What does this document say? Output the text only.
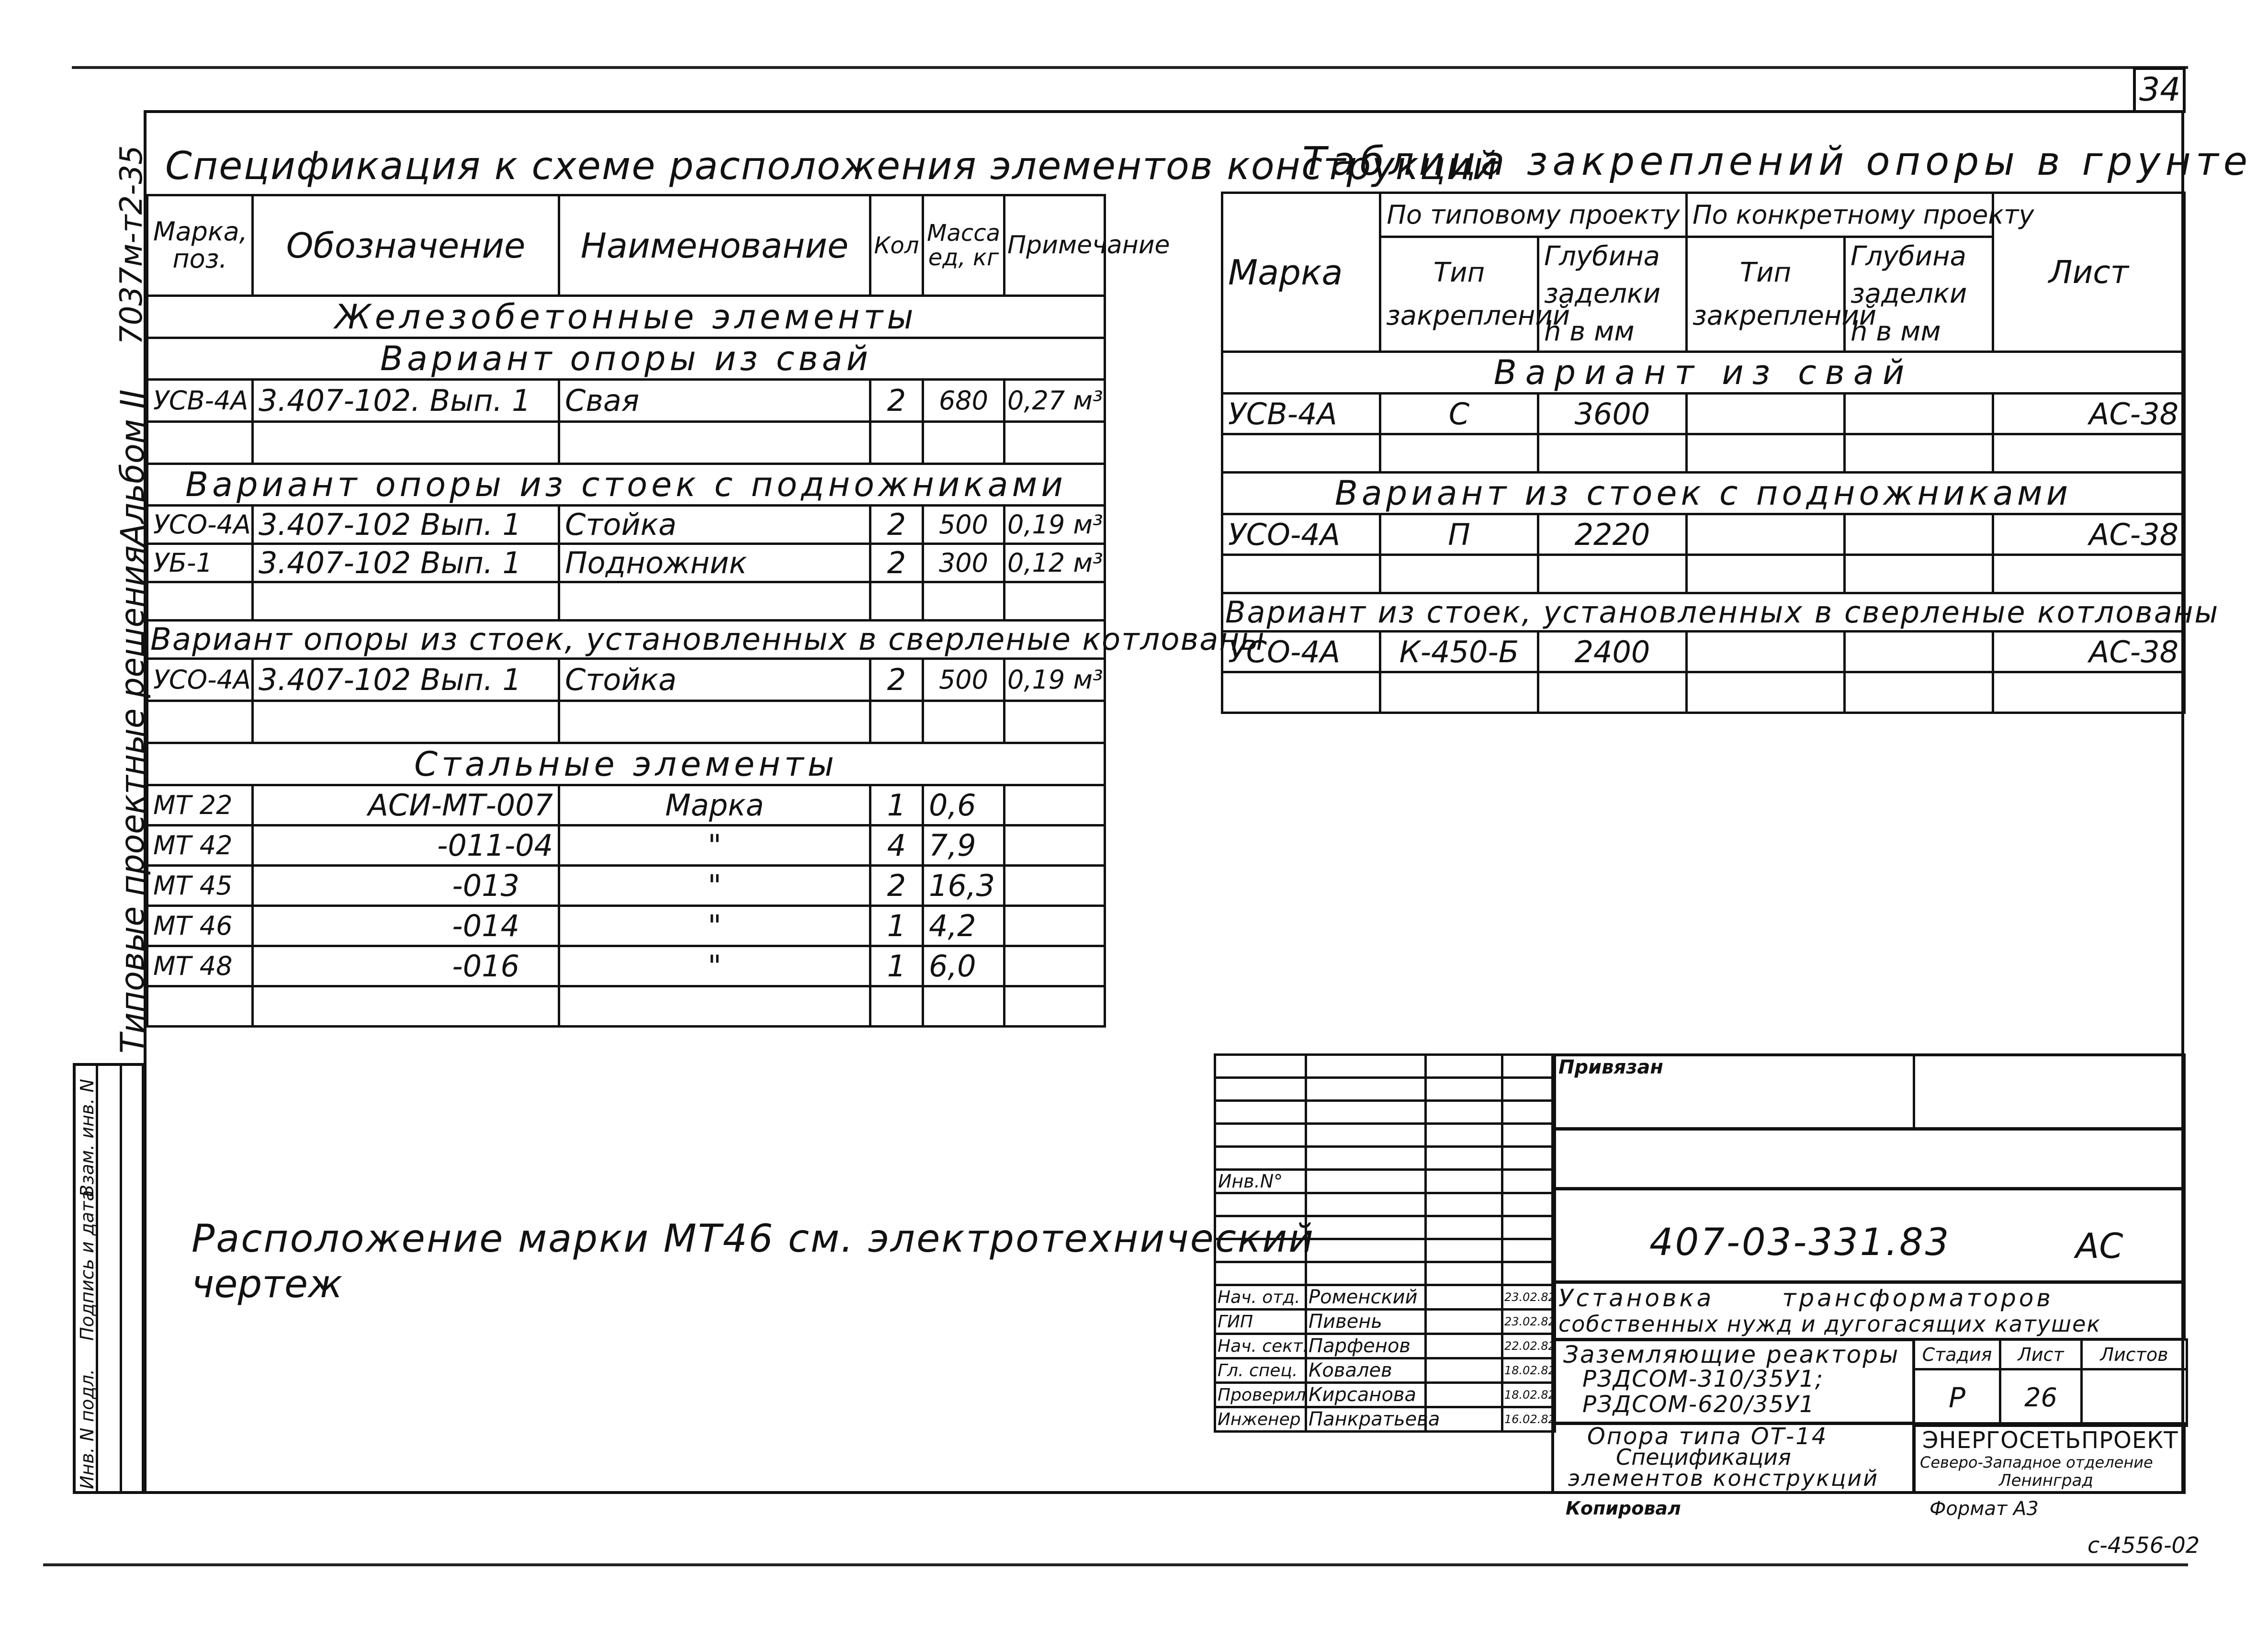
34
7037м-т2-35
Альбом II
Типовые проектные решения
Инв. N подл.
Подпись и дата
Взам. инв. N
Спецификация к схеме расположения элементов конструкций
Марка, поз.	Обозначение	Наименование	Кол	Масса ед, кг	Примечание
Железобетонные элементы					
Вариант опоры из свай					
УСВ-4А	3.407-102. Вып. 1	Свая	2	680	0,27 м³

Вариант опоры из стоек с подножниками					
УСО-4А	3.407-102 Вып. 1	Стойка	2	500	0,19 м³
УБ-1	3.407-102 Вып. 1	Подножник	2	300	0,12 м³

Вариант опоры из стоек, установленных в сверленые котлованы					
УСО-4А	3.407-102 Вып. 1	Стойка	2	500	0,19 м³

Стальные элементы					
МТ 22	АСИ-МТ-007	Марка	1	0,6	
МТ 42	-011-04	"	4	7,9	
МТ 45	-013	"	2	16,3	
МТ 46	-014	"	1	4,2	
МТ 48	-016	"	1	6,0	

Таблица закреплений опоры в грунте
Марка	По типовому проекту		По конкретному проекту		Лист
	Тип закреплений	Глубина заделки h в мм	Тип закреплений	Глубина заделки h в мм	

Вариант из свай					
УСВ-4А	С	3600			АС-38

Вариант из стоек с подножниками					
УСО-4А	П	2220			АС-38

Вариант из стоек, установленных в сверленые котлованы					
УСО-4А	К-450-Б	2400			АС-38

Расположение марки МТ46 см. электротехнический
чертеж

Инв.N°			

Нач. отд.	Роменский		23.02.82
ГИП	Пивень		23.02.82
Нач. сект.	Парфенов		22.02.82
Гл. спец.	Ковалев		18.02.82
Проверил	Кирсанова		18.02.82
Инженер	Панкратьева		16.02.82
Привязан
407-03-331.83	АС
Установка трансформаторов
собственных нужд и дугогасящих катушек
Заземляющие реакторы
РЗДСОМ-310/35У1;
РЗДСОМ-620/35У1
Опора типа ОТ-14
Спецификация
элементов конструкций
Стадия	Лист	Листов
Р	26	
ЭНЕРГОСЕТЬПРОЕКТ
Северо-Западное отделение
Ленинград
Копировал	Формат А3
с-4556-02
